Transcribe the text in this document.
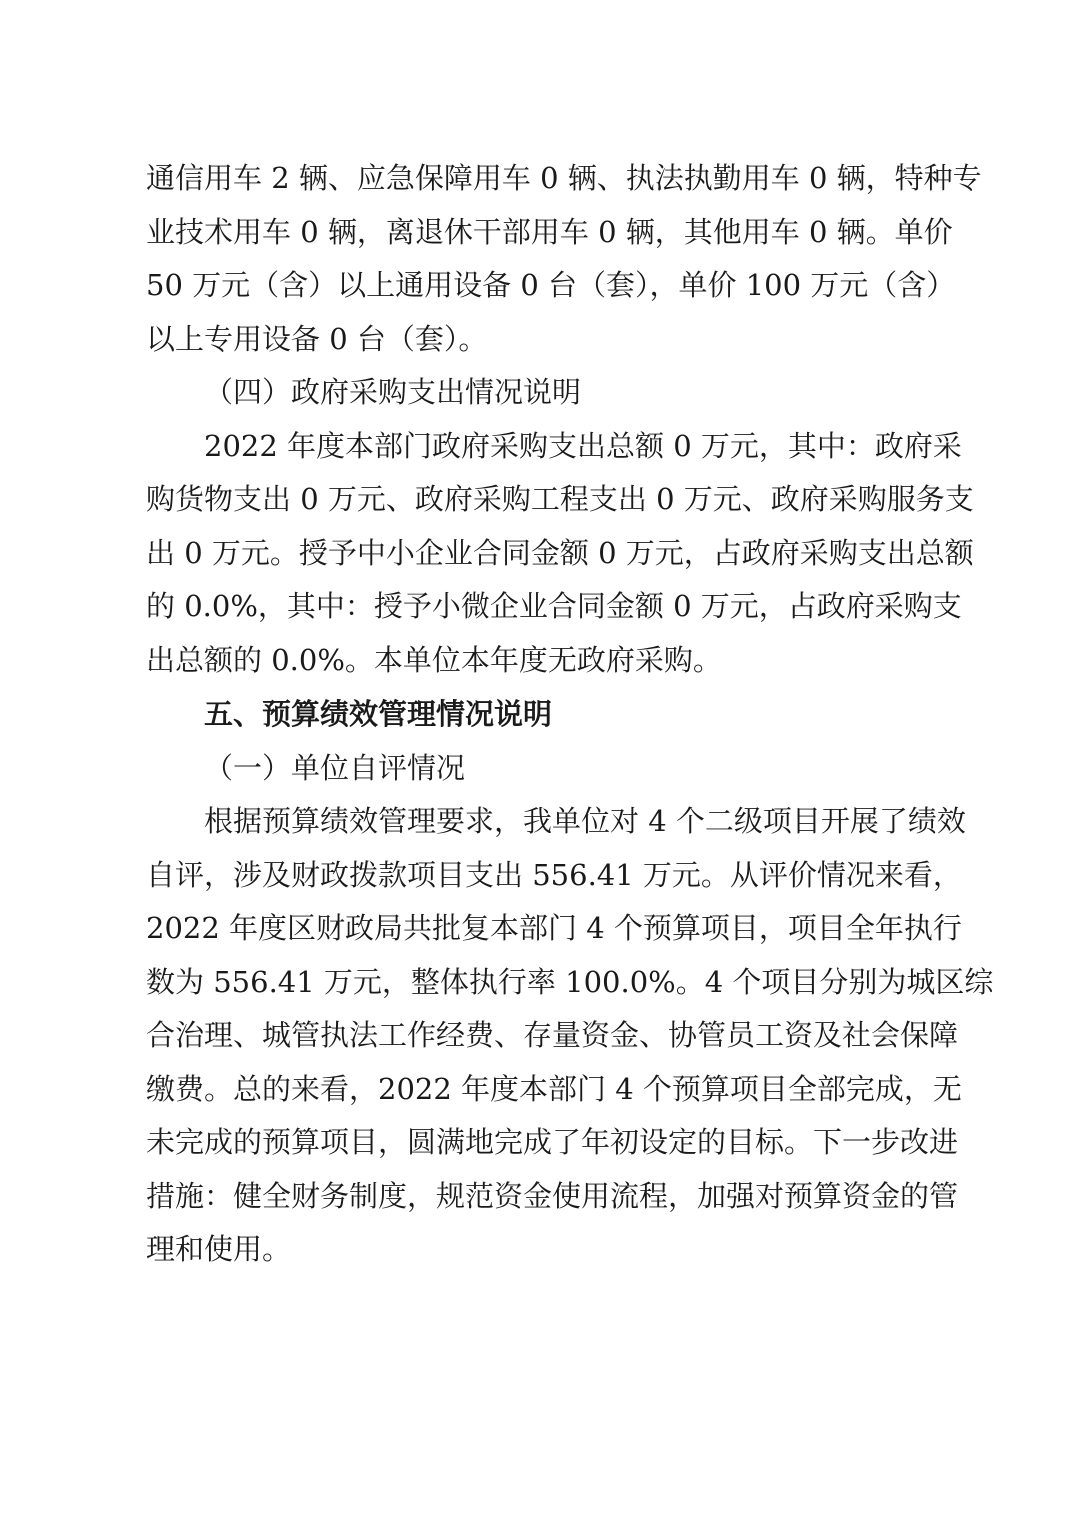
通信用车 2 辆、应急保障用车 0 辆、执法执勤用车 0 辆，特种专
业技术用车 0 辆，离退休干部用车 0 辆，其他用车 0 辆。单价
50 万元（含）以上通用设备 0 台（套），单价 100 万元（含）
以上专用设备 0 台（套）。
（四）政府采购支出情况说明
2022 年度本部门政府采购支出总额 0 万元，其中：政府采
购货物支出 0 万元、政府采购工程支出 0 万元、政府采购服务支
出 0 万元。授予中小企业合同金额 0 万元，占政府采购支出总额
的 0.0%，其中：授予小微企业合同金额 0 万元，占政府采购支
出总额的 0.0%。本单位本年度无政府采购。
五、预算绩效管理情况说明
（一）单位自评情况
根据预算绩效管理要求，我单位对 4 个二级项目开展了绩效
自评，涉及财政拨款项目支出 556.41 万元。从评价情况来看，
2022 年度区财政局共批复本部门 4 个预算项目，项目全年执行
数为 556.41 万元，整体执行率 100.0%。4 个项目分别为城区综
合治理、城管执法工作经费、存量资金、协管员工资及社会保障
缴费。总的来看，2022 年度本部门 4 个预算项目全部完成，无
未完成的预算项目，圆满地完成了年初设定的目标。下一步改进
措施：健全财务制度，规范资金使用流程，加强对预算资金的管
理和使用。
